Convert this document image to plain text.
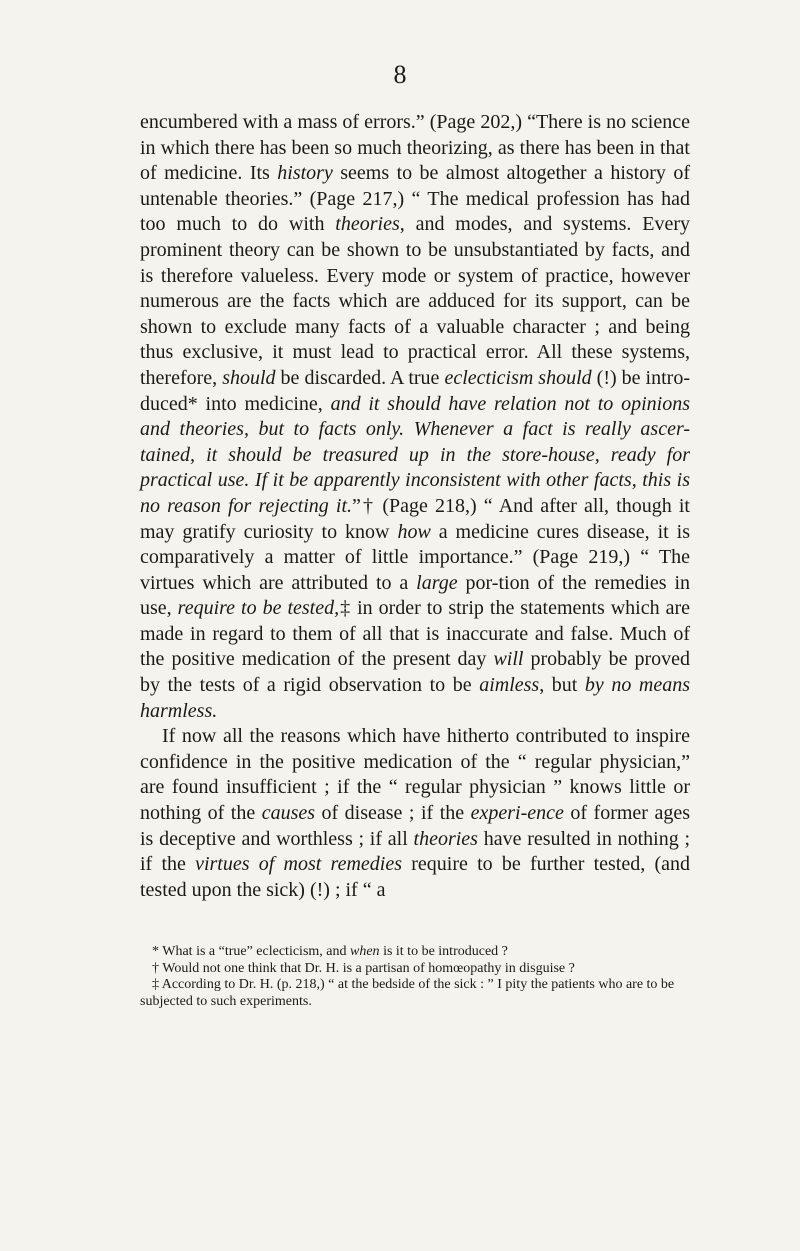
8

encumbered with a mass of errors.” (Page 202,) “There is no science in which there has been so much theorizing, as there has been in that of medicine. Its history seems to be almost altogether a history of untenable theories.” (Page 217,) “ The medical profession has had too much to do with theories, and modes, and systems. Every prominent theory can be shown to be unsubstantiated by facts, and is therefore valueless. Every mode or system of practice, however numerous are the facts which are adduced for its support, can be shown to exclude many facts of a valuable character ; and being thus exclusive, it must lead to practical error. All these systems, therefore, should be discarded. A true eclecticism should (!) be intro-duced* into medicine, and it should have relation not to opinions and theories, but to facts only. Whenever a fact is really ascer-tained, it should be treasured up in the store-house, ready for practical use. If it be apparently inconsistent with other facts, this is no reason for rejecting it.”† (Page 218,) “ And after all, though it may gratify curiosity to know how a medicine cures disease, it is comparatively a matter of little importance.” (Page 219,) “ The virtues which are attributed to a large por-tion of the remedies in use, require to be tested,‡ in order to strip the statements which are made in regard to them of all that is inaccurate and false. Much of the positive medication of the present day will probably be proved by the tests of a rigid observation to be aimless, but by no means harmless.

If now all the reasons which have hitherto contributed to inspire confidence in the positive medication of the “ regular physician,” are found insufficient ; if the “ regular physician ” knows little or nothing of the causes of disease ; if the experi-ence of former ages is deceptive and worthless ; if all theories have resulted in nothing ; if the virtues of most remedies require to be further tested, (and tested upon the sick) (!) ; if “ a

* What is a “true” eclecticism, and when is it to be introduced ?

† Would not one think that Dr. H. is a partisan of homœopathy in disguise ?

‡ According to Dr. H. (p. 218,) “ at the bedside of the sick : ” I pity the patients who are to be subjected to such experiments.
